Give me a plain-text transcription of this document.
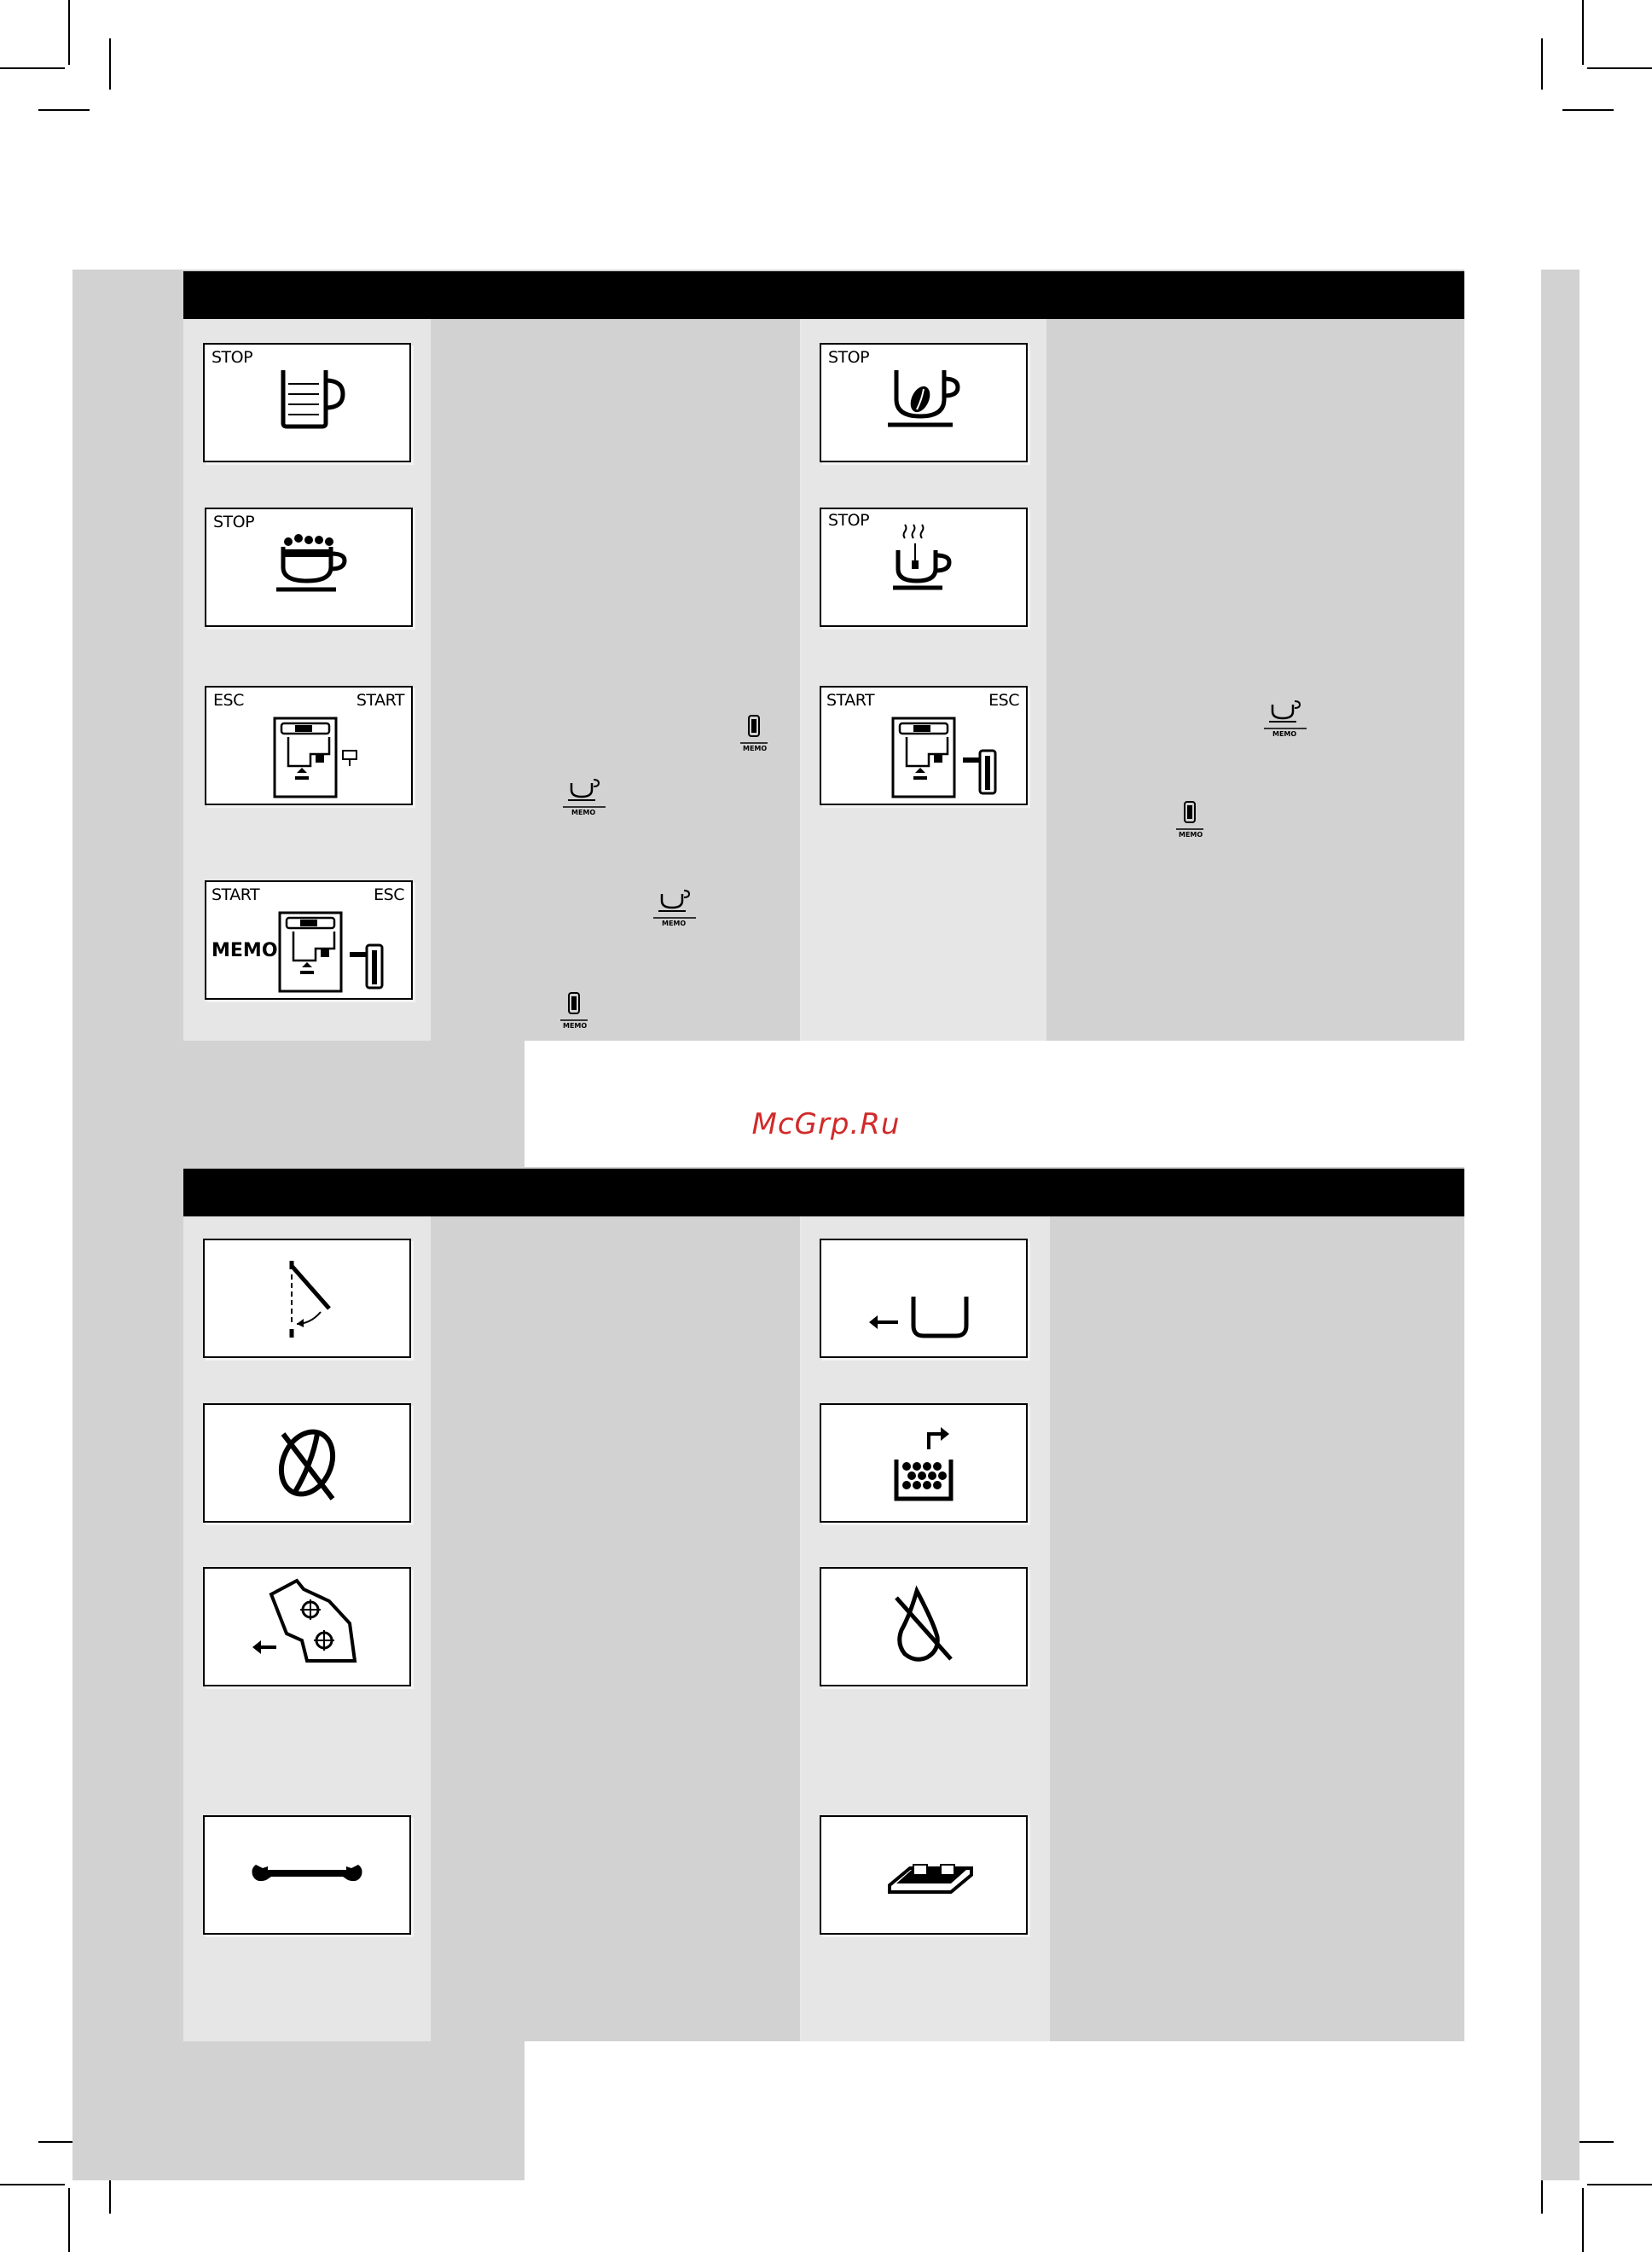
McGrp.Ru
STOP
STOP
ESC	START
START	ESC
MEMO
MEMO
MEMO
MEMO
MEMO
STOP
STOP
START	ESC
MEMO
MEMO
